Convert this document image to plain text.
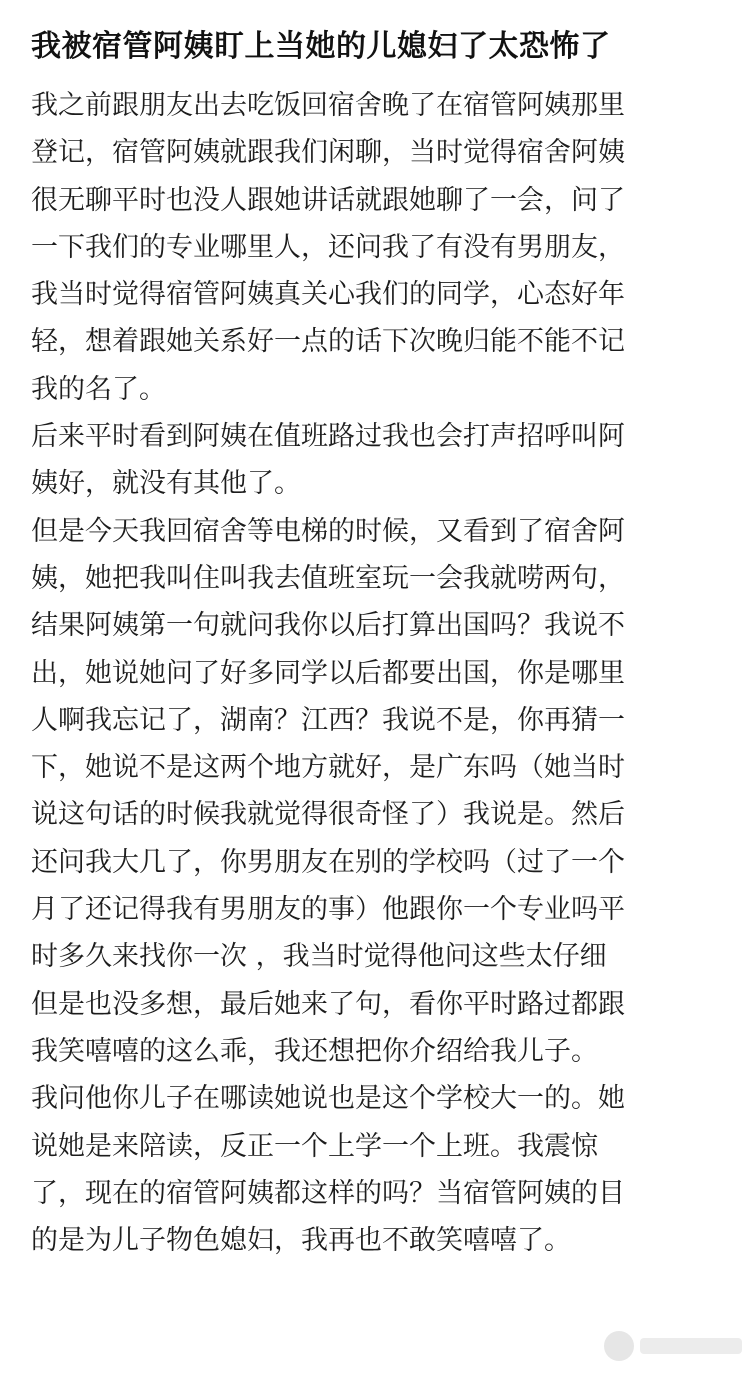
我被宿管阿姨盯上当她的儿媳妇了太恐怖了
我之前跟朋友出去吃饭回宿舍晚了在宿管阿姨那里
登记，宿管阿姨就跟我们闲聊，当时觉得宿舍阿姨
很无聊平时也没人跟她讲话就跟她聊了一会，问了
一下我们的专业哪里人，还问我了有没有男朋友，
我当时觉得宿管阿姨真关心我们的同学，心态好年
轻，想着跟她关系好一点的话下次晚归能不能不记
我的名了。
后来平时看到阿姨在值班路过我也会打声招呼叫阿
姨好，就没有其他了。
但是今天我回宿舍等电梯的时候，又看到了宿舍阿
姨，她把我叫住叫我去值班室玩一会我就唠两句，
结果阿姨第一句就问我你以后打算出国吗？我说不
出，她说她问了好多同学以后都要出国，你是哪里
人啊我忘记了，湖南？江西？我说不是，你再猜一
下，她说不是这两个地方就好，是广东吗（她当时
说这句话的时候我就觉得很奇怪了）我说是。然后
还问我大几了，你男朋友在别的学校吗（过了一个
月了还记得我有男朋友的事）他跟你一个专业吗平
时多久来找你一次 ，我当时觉得他问这些太仔细
但是也没多想，最后她来了句，看你平时路过都跟
我笑嘻嘻的这么乖，我还想把你介绍给我儿子。
我问他你儿子在哪读她说也是这个学校大一的。她
说她是来陪读，反正一个上学一个上班。我震惊
了，现在的宿管阿姨都这样的吗？当宿管阿姨的目
的是为儿子物色媳妇，我再也不敢笑嘻嘻了。
